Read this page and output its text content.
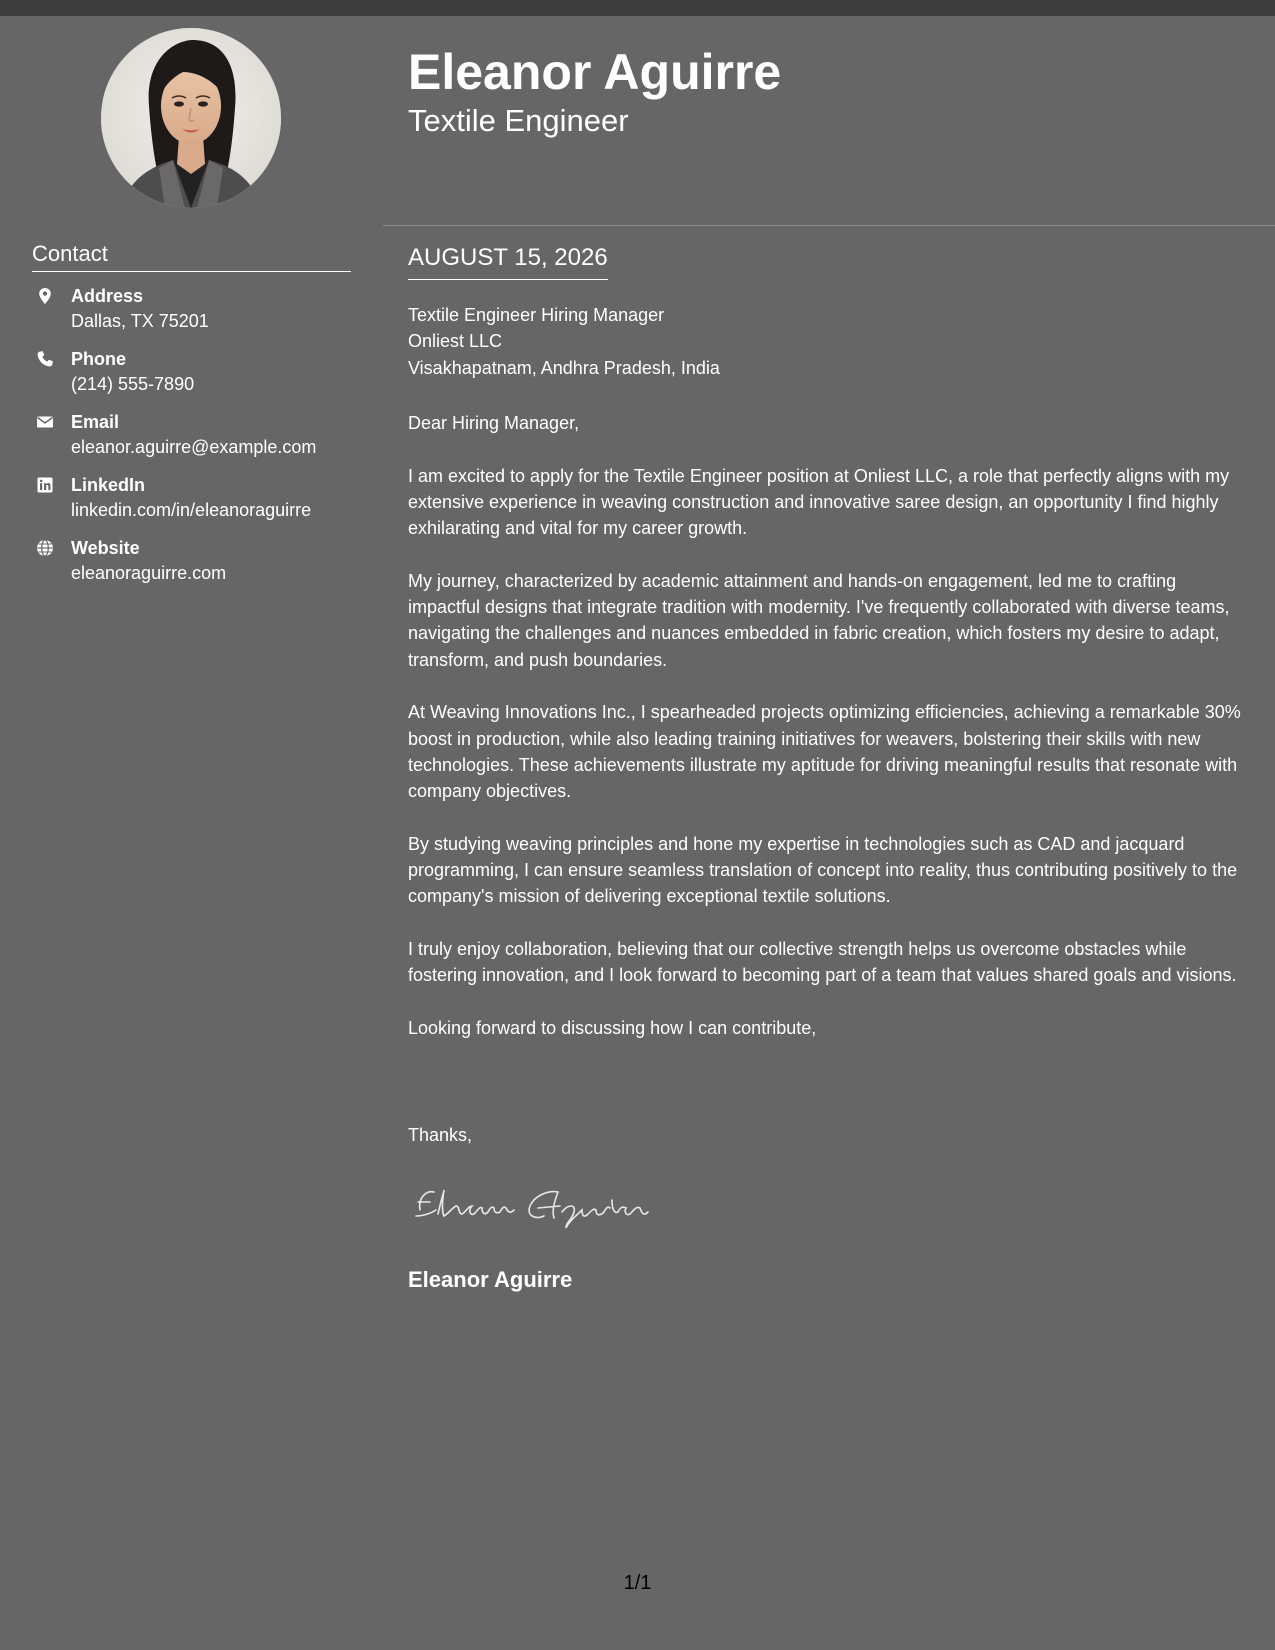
Contact
Address
Dallas, TX 75201
Phone
(214) 555-7890
Email
eleanor.aguirre@example.com
LinkedIn
linkedin.com/in/eleanoraguirre
Website
eleanoraguirre.com
Eleanor Aguirre
Textile Engineer
AUGUST 15, 2026
Textile Engineer Hiring Manager
Onliest LLC
Visakhapatnam, Andhra Pradesh, India

Dear Hiring Manager,

I am excited to apply for the Textile Engineer position at Onliest LLC, a role that perfectly aligns with my extensive experience in weaving construction and innovative saree design, an opportunity I find highly exhilarating and vital for my career growth.

My journey, characterized by academic attainment and hands-on engagement, led me to crafting impactful designs that integrate tradition with modernity. I've frequently collaborated with diverse teams, navigating the challenges and nuances embedded in fabric creation, which fosters my desire to adapt, transform, and push boundaries.

At Weaving Innovations Inc., I spearheaded projects optimizing efficiencies, achieving a remarkable 30% boost in production, while also leading training initiatives for weavers, bolstering their skills with new technologies. These achievements illustrate my aptitude for driving meaningful results that resonate with company objectives.

By studying weaving principles and hone my expertise in technologies such as CAD and jacquard programming, I can ensure seamless translation of concept into reality, thus contributing positively to the company's mission of delivering exceptional textile solutions.

I truly enjoy collaboration, believing that our collective strength helps us overcome obstacles while fostering innovation, and I look forward to becoming part of a team that values shared goals and visions.

Looking forward to discussing how I can contribute,

Thanks,
Eleanor Aguirre
1/1
